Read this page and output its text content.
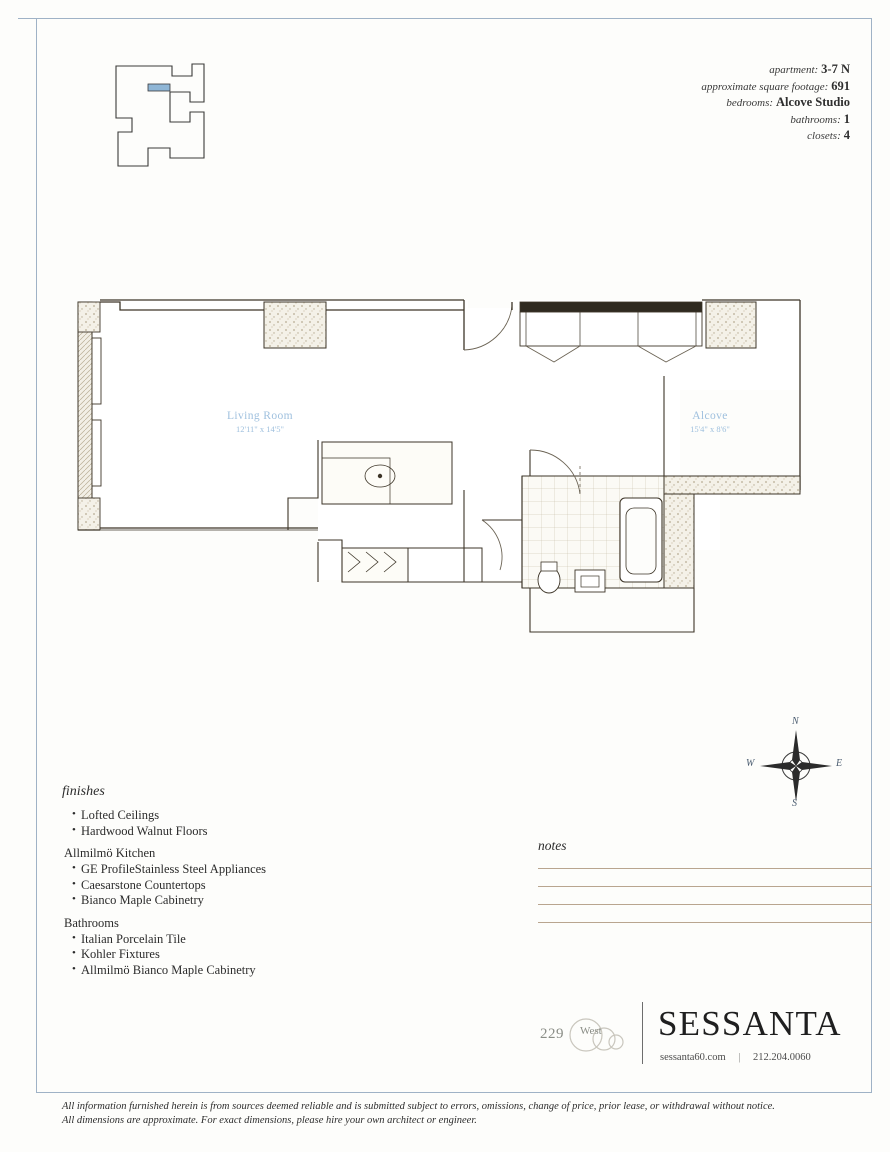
apartment: 3-7 N
approximate square footage: 691
bedrooms: Alcove Studio
bathrooms: 1
closets: 4
Living Room
12'11" x 14'5"
Alcove
15'4" x 8'6"
N
E
S
W
finishes
• Lofted Ceilings
• Hardwood Walnut Floors
Allmilmö Kitchen
• GE ProfileStainless Steel Appliances
• Caesarstone Countertops
• Bianco Maple Cabinetry
Bathrooms
• Italian Porcelain Tile
• Kohler Fixtures
• Allmilmö Bianco Maple Cabinetry
notes
229 West SESSANTA
sessanta60.com | 212.204.0060
All information furnished herein is from sources deemed reliable and is submitted subject to errors, omissions, change of price, prior lease, or withdrawal without notice.
All dimensions are approximate. For exact dimensions, please hire your own architect or engineer.
